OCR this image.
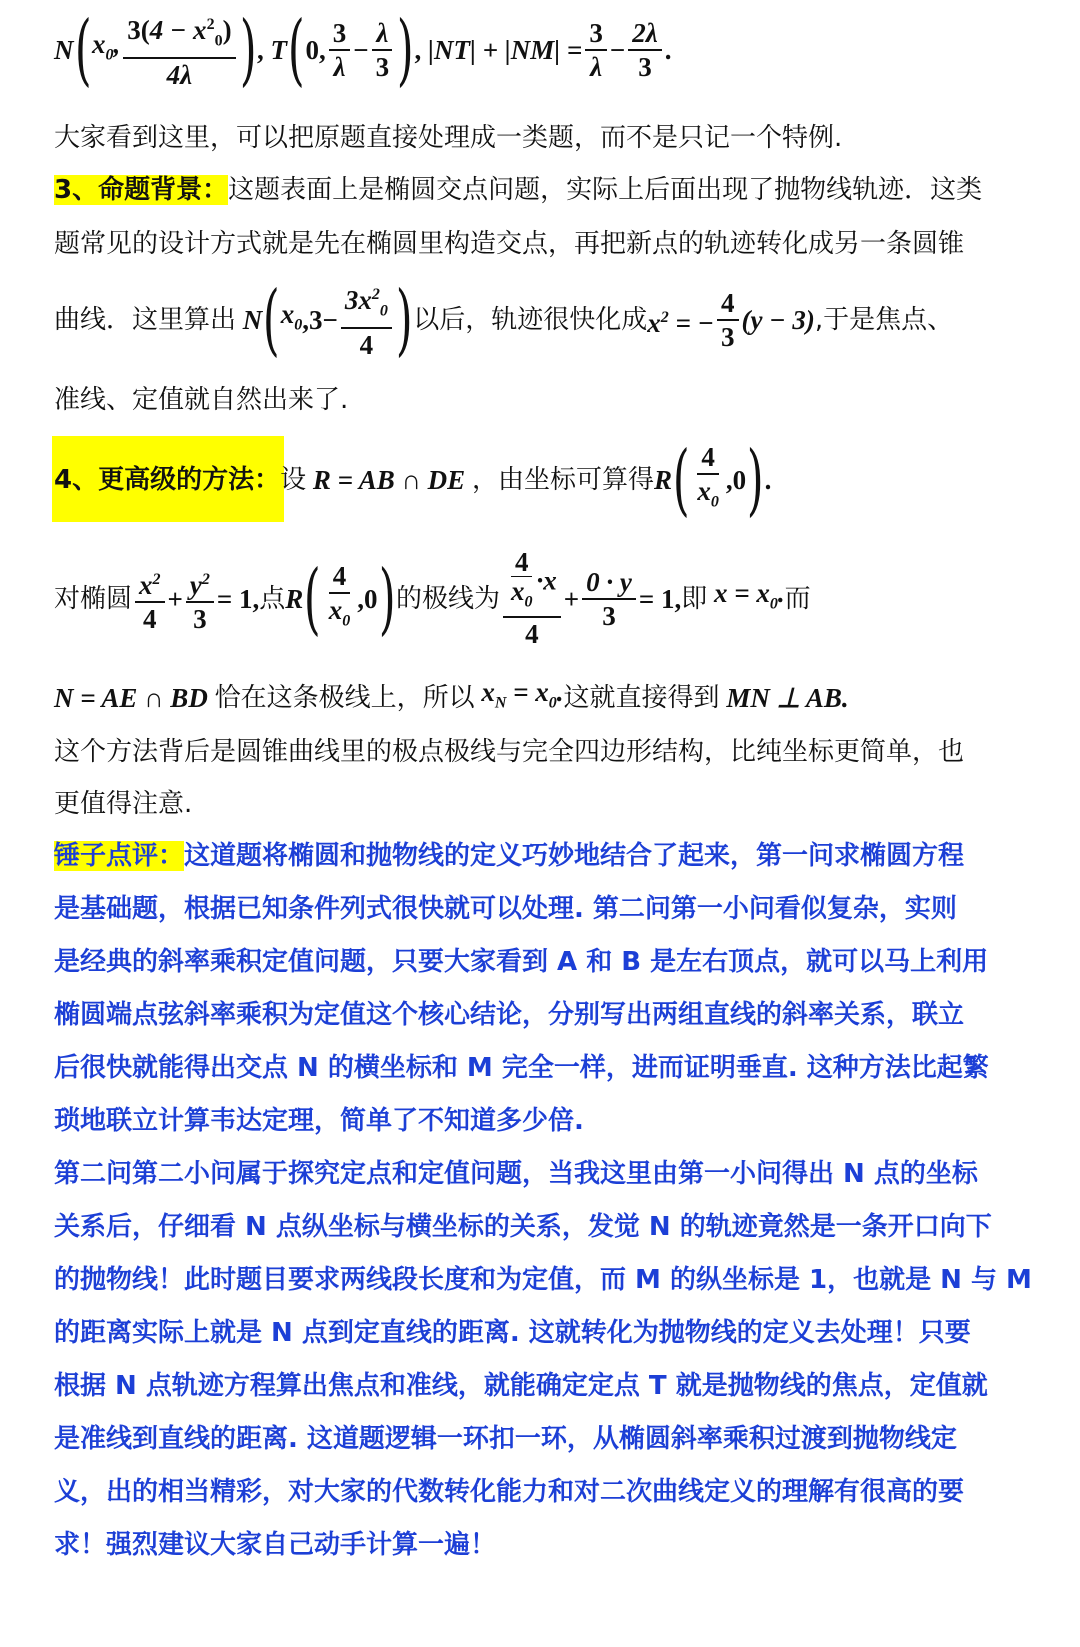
N ( $x_0$, $\frac{3(4 - x^2_0)}{4\lambda}$ ) , T ( 0 , $\frac{3}{\lambda} - \frac{\lambda}{3}$ ) , $|NT| + |NM| = \frac{3}{\lambda} - \frac{2\lambda}{3}$ .
大家看到这里，可以把原题直接处理成一类题，而不是只记一个特例.
3、命题背景：这题表面上是椭圆交点问题，实际上后面出现了抛物线轨迹．这类
题常见的设计方式就是先在椭圆里构造交点，再把新点的轨迹转化成另一条圆锥
曲线．这里算出 N ( $x_0$ $,3- \frac{3x^2_0}{4}$ ) 以后，轨迹很快化成 $x^2$ = − $\frac{4}{3} (y - 3)$ ,于是焦点、
准线、定值就自然出来了.
4、更高级的方法： 设 R = AB ∩ DE ，由坐标可算得 R ( $\frac{4}{x_0} ,0$ ) .
对椭圆 $\frac{x^2}{4} + \frac{y^2}{3} = 1$, 点 R ( $\frac{4}{x_0} ,0$ ) 的极线为 $\frac{\frac{4}{x_0} \cdot x}{4} + \frac{0 \cdot y}{3} = 1$, 即 $x = x_0$. 而
N = AE ∩ BD 恰在这条极线上，所以 $x_N = x_0$. 这就直接得到 MN ⊥ AB.
这个方法背后是圆锥曲线里的极点极线与完全四边形结构，比纯坐标更简单，也
更值得注意.
锤子点评：这道题将椭圆和抛物线的定义巧妙地结合了起来，第一问求椭圆方程
是基础题，根据已知条件列式很快就可以处理. 第二问第一小问看似复杂，实则
是经典的斜率乘积定值问题，只要大家看到 A 和 B 是左右顶点，就可以马上利用
椭圆端点弦斜率乘积为定值这个核心结论，分别写出两组直线的斜率关系，联立
后很快就能得出交点 N 的横坐标和 M 完全一样，进而证明垂直. 这种方法比起繁
琐地联立计算韦达定理，简单了不知道多少倍.
第二问第二小问属于探究定点和定值问题，当我这里由第一小问得出 N 点的坐标
关系后，仔细看 N 点纵坐标与横坐标的关系，发觉 N 的轨迹竟然是一条开口向下
的抛物线！此时题目要求两线段长度和为定值，而 M 的纵坐标是 1，也就是 N 与 M
的距离实际上就是 N 点到定直线的距离. 这就转化为抛物线的定义去处理！只要
根据 N 点轨迹方程算出焦点和准线，就能确定定点 T 就是抛物线的焦点，定值就
是准线到直线的距离. 这道题逻辑一环扣一环，从椭圆斜率乘积过渡到抛物线定
义，出的相当精彩，对大家的代数转化能力和对二次曲线定义的理解有很高的要
求！强烈建议大家自己动手计算一遍！
